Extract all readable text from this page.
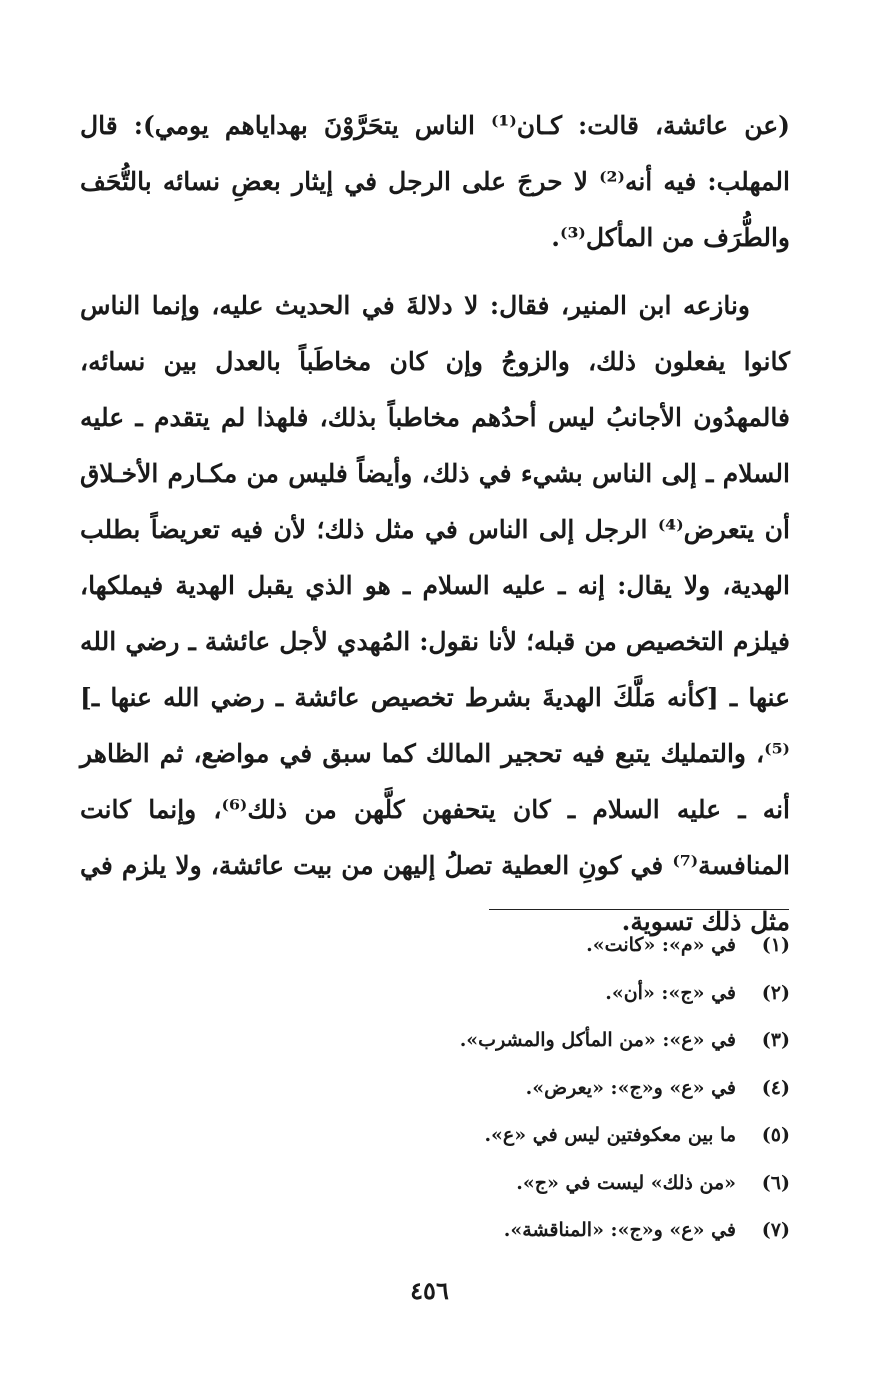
(عن عائشة، قالت: كـان⁽¹⁾ الناس يتحَرَّوْنَ بهداياهم يومي): قال المهلب: فيه أنه⁽²⁾ لا حرجَ على الرجل في إيثار بعضِ نسائه بالتُّحَف والطُّرَف من المأكل⁽³⁾.

ونازعه ابن المنير، فقال: لا دلالةَ في الحديث عليه، وإنما الناس كانوا يفعلون ذلك، والزوجُ وإن كان مخاطَباً بالعدل بين نسائه، فالمهدُون الأجانبُ ليس أحدُهم مخاطباً بذلك، فلهذا لم يتقدم ـ عليه السلام ـ إلى الناس بشيء في ذلك، وأيضاً فليس من مكـارم الأخـلاق أن يتعرض⁽⁴⁾ الرجل إلى الناس في مثل ذلك؛ لأن فيه تعريضاً بطلب الهدية، ولا يقال: إنه ـ عليه السلام ـ هو الذي يقبل الهدية فيملكها، فيلزم التخصيص من قبله؛ لأنا نقول: المُهدي لأجل عائشة ـ رضي الله عنها ـ [كأنه مَلَّكَ الهديةَ بشرط تخصيص عائشة ـ رضي الله عنها ـ]⁽⁵⁾، والتمليك يتبع فيه تحجير المالك كما سبق في مواضع، ثم الظاهر أنه ـ عليه السلام ـ كان يتحفهن كلَّهن من ذلك⁽⁶⁾، وإنما كانت المنافسة⁽⁷⁾ في كونِ العطية تصلُ إليهن من بيت عائشة، ولا يلزم في مثل ذلك تسوية.

(١)في «م»: «كانت».
(٢)في «ج»: «أن».
(٣)في «ع»: «من المأكل والمشرب».
(٤)في «ع» و«ج»: «يعرض».
(٥)ما بين معكوفتين ليس في «ع».
(٦)«من ذلك» ليست في «ج».
(٧)في «ع» و«ج»: «المناقشة».
٤٥٦
